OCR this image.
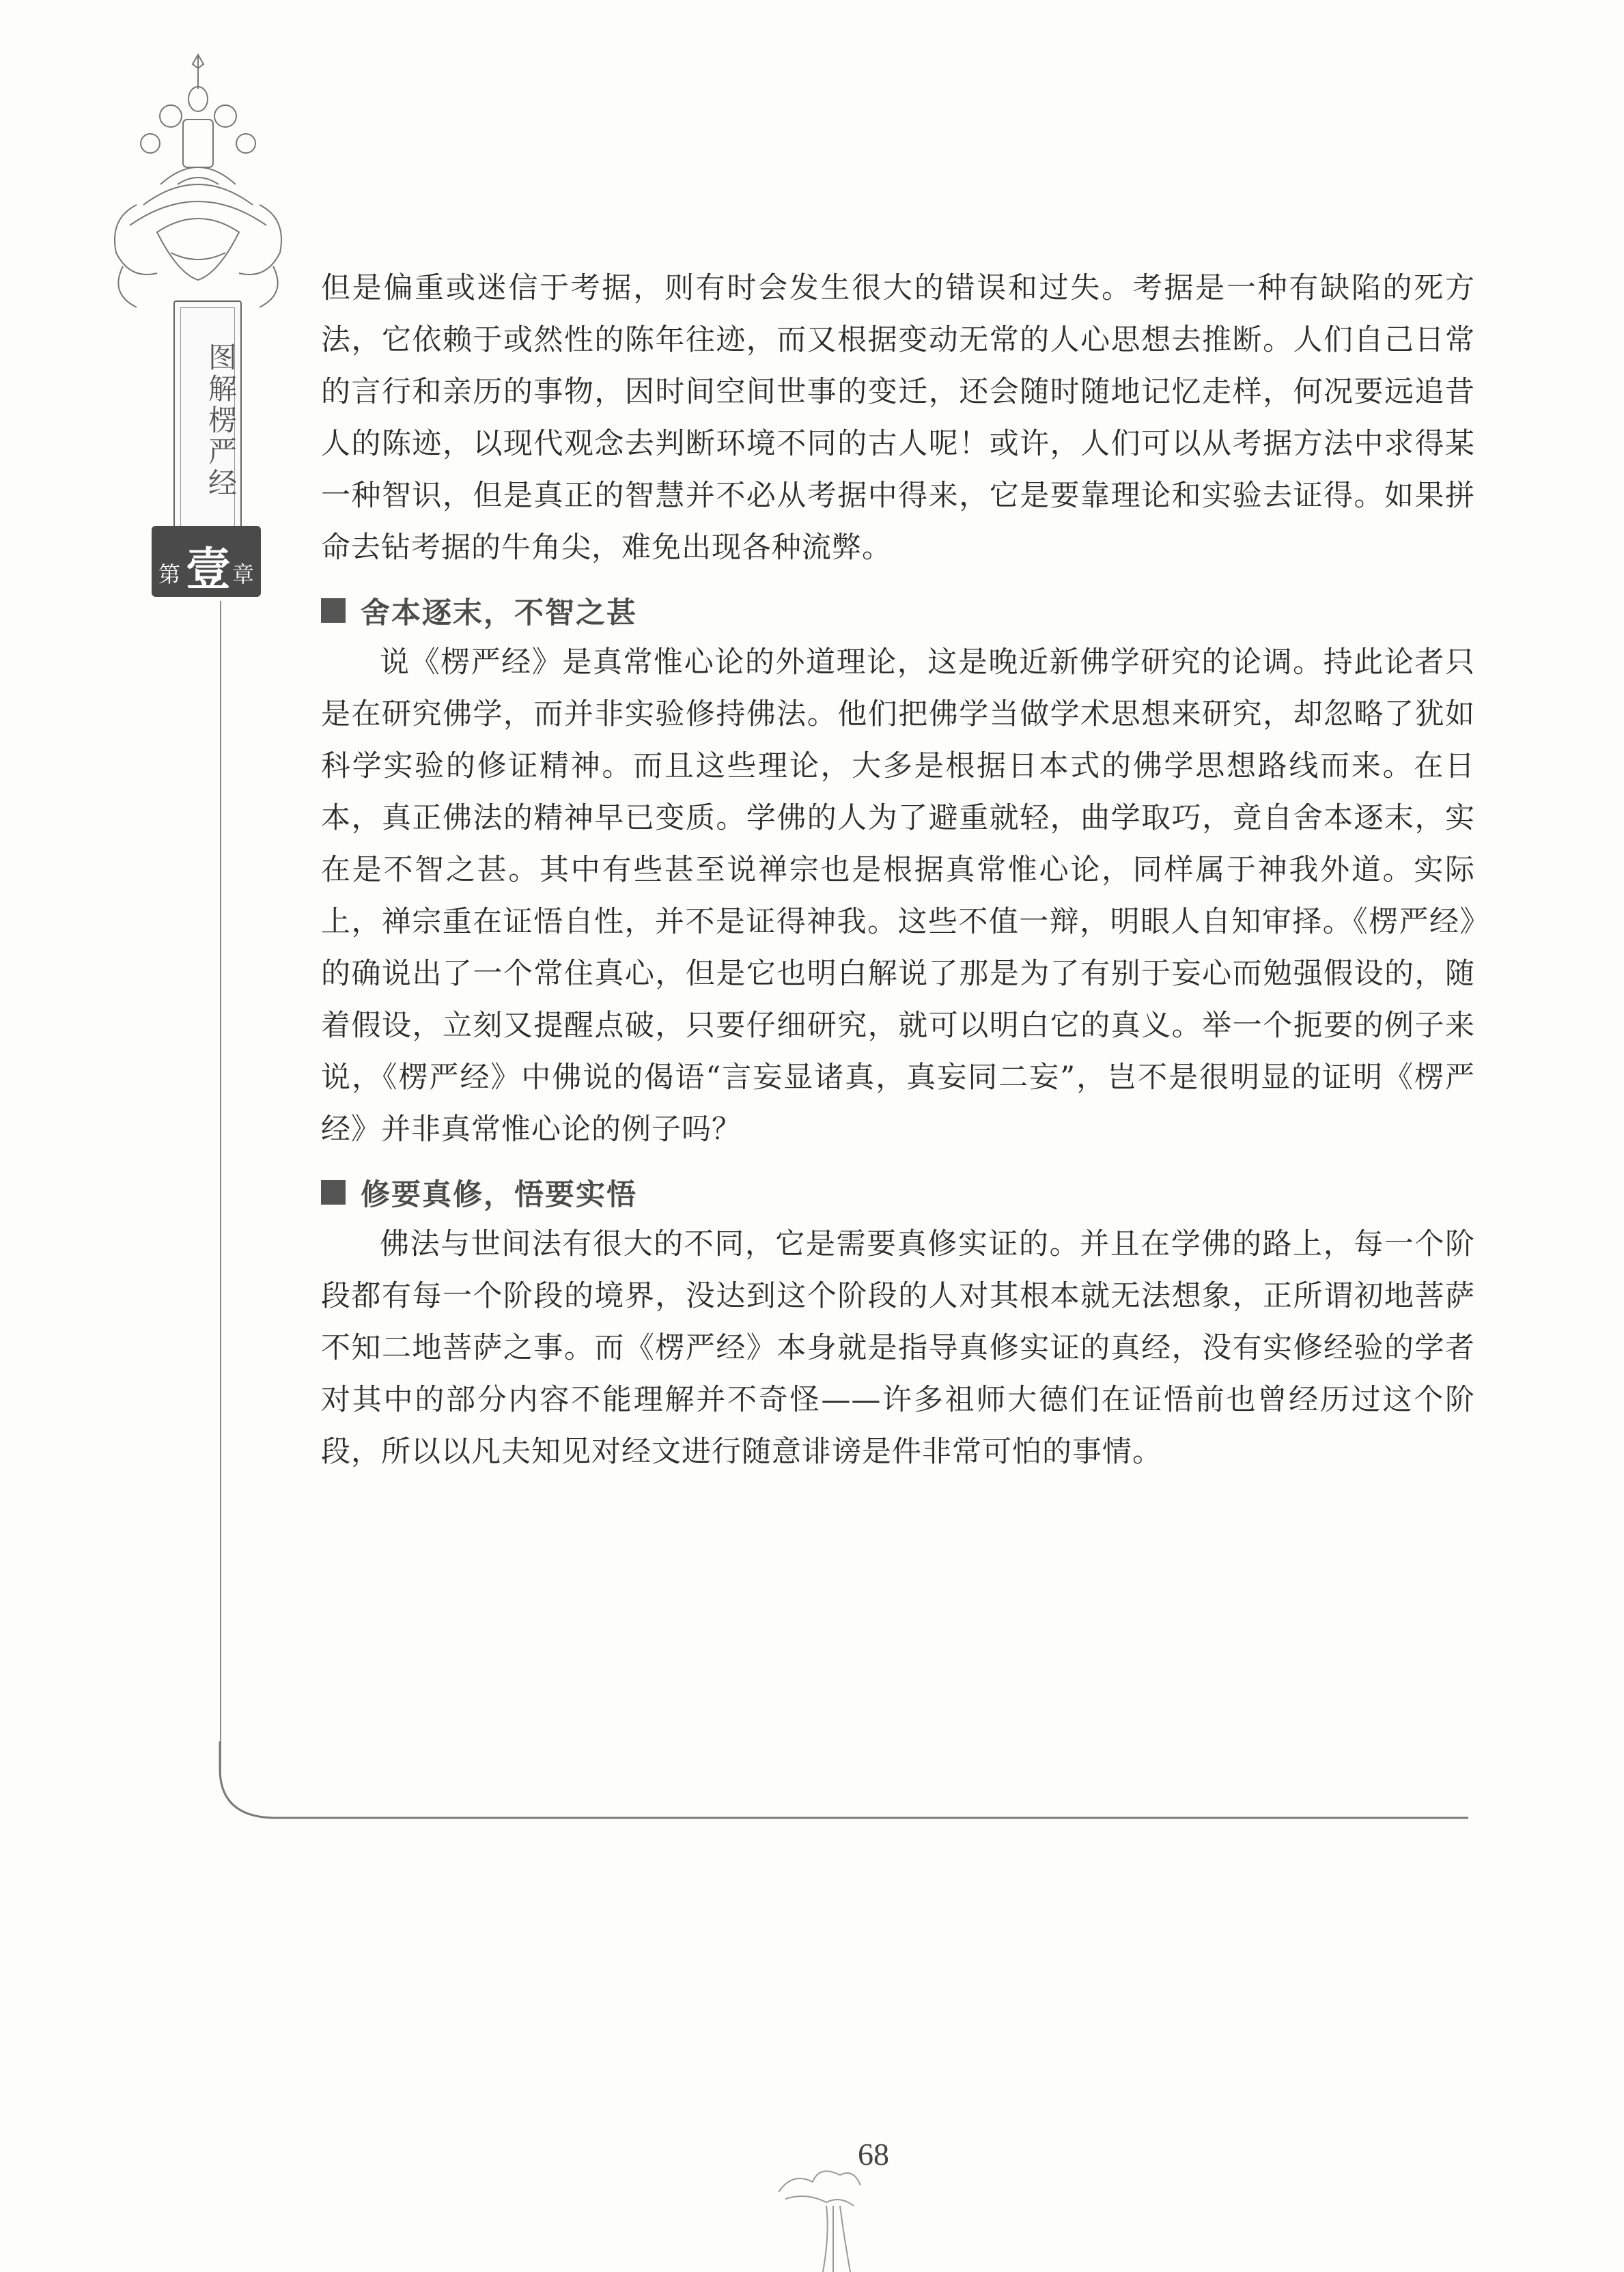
图解楞严经
第 壹 章

但是偏重或迷信于考据，则有时会发生很大的错误和过失。考据是一种有缺陷的死方法，它依赖于或然性的陈年往迹，而又根据变动无常的人心思想去推断。人们自己日常的言行和亲历的事物，因时间空间世事的变迁，还会随时随地记忆走样，何况要远追昔人的陈迹，以现代观念去判断环境不同的古人呢！或许，人们可以从考据方法中求得某一种智识，但是真正的智慧并不必从考据中得来，它是要靠理论和实验去证得。如果拼命去钻考据的牛角尖，难免出现各种流弊。

舍本逐末，不智之甚

说《楞严经》是真常惟心论的外道理论，这是晚近新佛学研究的论调。持此论者只是在研究佛学，而并非实验修持佛法。他们把佛学当做学术思想来研究，却忽略了犹如科学实验的修证精神。而且这些理论，大多是根据日本式的佛学思想路线而来。在日本，真正佛法的精神早已变质。学佛的人为了避重就轻，曲学取巧，竟自舍本逐末，实在是不智之甚。其中有些甚至说禅宗也是根据真常惟心论，同样属于神我外道。实际上，禅宗重在证悟自性，并不是证得神我。这些不值一辩，明眼人自知审择。《楞严经》的确说出了一个常住真心，但是它也明白解说了那是为了有别于妄心而勉强假设的，随着假设，立刻又提醒点破，只要仔细研究，就可以明白它的真义。举一个扼要的例子来说，《楞严经》中佛说的偈语“言妄显诸真，真妄同二妄”，岂不是很明显的证明《楞严经》并非真常惟心论的例子吗？

修要真修，悟要实悟

佛法与世间法有很大的不同，它是需要真修实证的。并且在学佛的路上，每一个阶段都有每一个阶段的境界，没达到这个阶段的人对其根本就无法想象，正所谓初地菩萨不知二地菩萨之事。而《楞严经》本身就是指导真修实证的真经，没有实修经验的学者对其中的部分内容不能理解并不奇怪——许多祖师大德们在证悟前也曾经历过这个阶段，所以以凡夫知见对经文进行随意诽谤是件非常可怕的事情。

68
